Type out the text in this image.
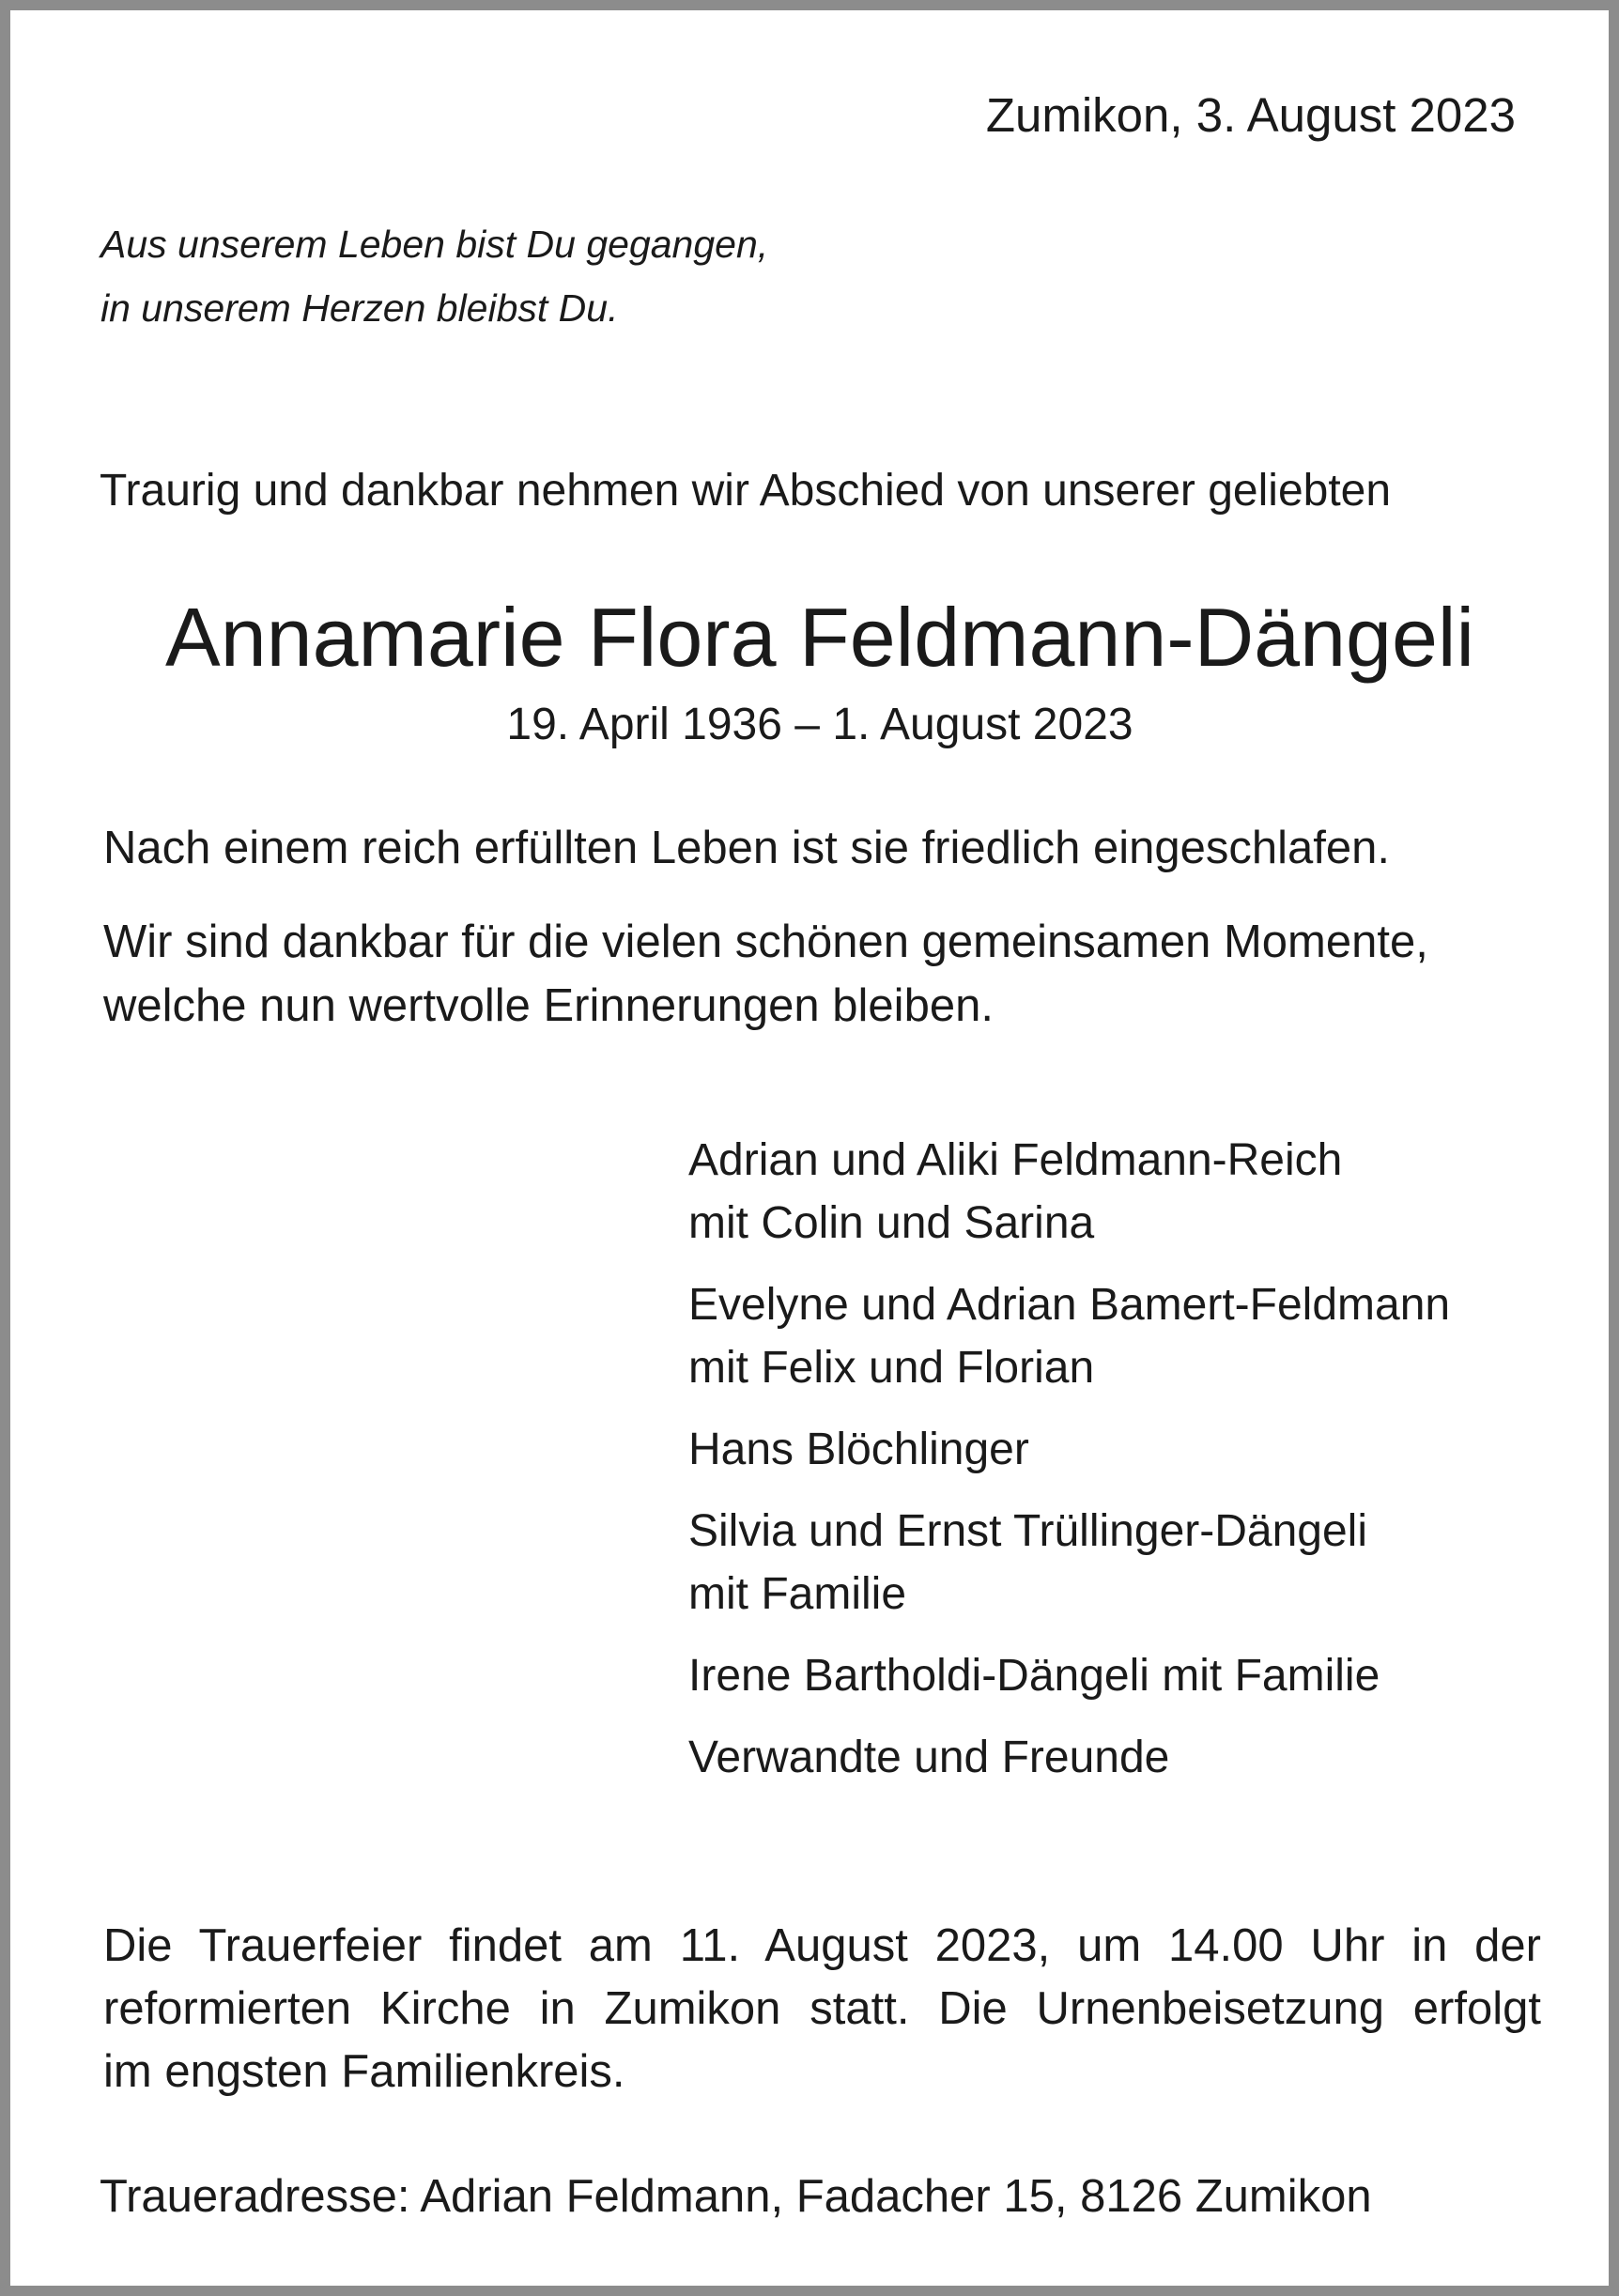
Zumikon, 3. August 2023

Aus unserem Leben bist Du gegangen,

in unserem Herzen bleibst Du.

Traurig und dankbar nehmen wir Abschied von unserer geliebten

Annamarie Flora Feldmann-Dängeli

19. April 1936 – 1. August 2023

Nach einem reich erfüllten Leben ist sie friedlich eingeschlafen.

Wir sind dankbar für die vielen schönen gemeinsamen Momente,

welche nun wertvolle Erinnerungen bleiben.

Adrian und Aliki Feldmann-Reich

mit Colin und Sarina

Evelyne und Adrian Bamert-Feldmann

mit Felix und Florian

Hans Blöchlinger

Silvia und Ernst Trüllinger-Dängeli

mit Familie

Irene Bartholdi-Dängeli mit Familie

Verwandte und Freunde

Die Trauerfeier findet am 11. August 2023, um 14.00 Uhr in der

reformierten Kirche in Zumikon statt. Die Urnenbeisetzung erfolgt

im engsten Familienkreis.

Traueradresse: Adrian Feldmann, Fadacher 15, 8126 Zumikon
